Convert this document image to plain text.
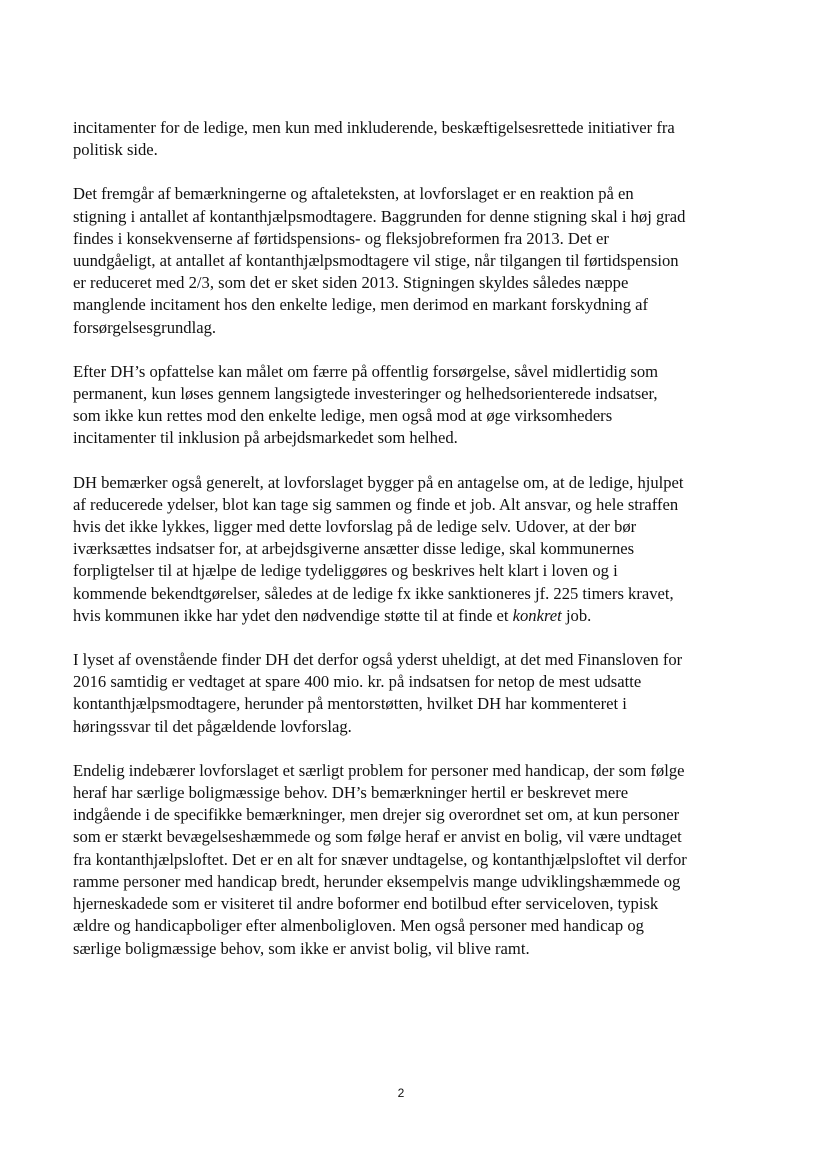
incitamenter for de ledige, men kun med inkluderende, beskæftigelsesrettede initiativer fra
politisk side.

Det fremgår af bemærkningerne og aftaleteksten, at lovforslaget er en reaktion på en
stigning i antallet af kontanthjælpsmodtagere. Baggrunden for denne stigning skal i høj grad
findes i konsekvenserne af førtidspensions- og fleksjobreformen fra 2013. Det er
uundgåeligt, at antallet af kontanthjælpsmodtagere vil stige, når tilgangen til førtidspension
er reduceret med 2/3, som det er sket siden 2013. Stigningen skyldes således næppe
manglende incitament hos den enkelte ledige, men derimod en markant forskydning af
forsørgelsesgrundlag.

Efter DH’s opfattelse kan målet om færre på offentlig forsørgelse, såvel midlertidig som
permanent, kun løses gennem langsigtede investeringer og helhedsorienterede indsatser,
som ikke kun rettes mod den enkelte ledige, men også mod at øge virksomheders
incitamenter til inklusion på arbejdsmarkedet som helhed.

DH bemærker også generelt, at lovforslaget bygger på en antagelse om, at de ledige, hjulpet
af reducerede ydelser, blot kan tage sig sammen og finde et job. Alt ansvar, og hele straffen
hvis det ikke lykkes, ligger med dette lovforslag på de ledige selv. Udover, at der bør
iværksættes indsatser for, at arbejdsgiverne ansætter disse ledige, skal kommunernes
forpligtelser til at hjælpe de ledige tydeliggøres og beskrives helt klart i loven og i
kommende bekendtgørelser, således at de ledige fx ikke sanktioneres jf. 225 timers kravet,
hvis kommunen ikke har ydet den nødvendige støtte til at finde et konkret job.

I lyset af ovenstående finder DH det derfor også yderst uheldigt, at det med Finansloven for
2016 samtidig er vedtaget at spare 400 mio. kr. på indsatsen for netop de mest udsatte
kontanthjælpsmodtagere, herunder på mentorstøtten, hvilket DH har kommenteret i
høringssvar til det pågældende lovforslag.

Endelig indebærer lovforslaget et særligt problem for personer med handicap, der som følge
heraf har særlige boligmæssige behov. DH’s bemærkninger hertil er beskrevet mere
indgående i de specifikke bemærkninger, men drejer sig overordnet set om, at kun personer
som er stærkt bevægelseshæmmede og som følge heraf er anvist en bolig, vil være undtaget
fra kontanthjælpsloftet. Det er en alt for snæver undtagelse, og kontanthjælpsloftet vil derfor
ramme personer med handicap bredt, herunder eksempelvis mange udviklingshæmmede og
hjerneskadede som er visiteret til andre boformer end botilbud efter serviceloven, typisk
ældre og handicapboliger efter almenboligloven. Men også personer med handicap og
særlige boligmæssige behov, som ikke er anvist bolig, vil blive ramt.

2
